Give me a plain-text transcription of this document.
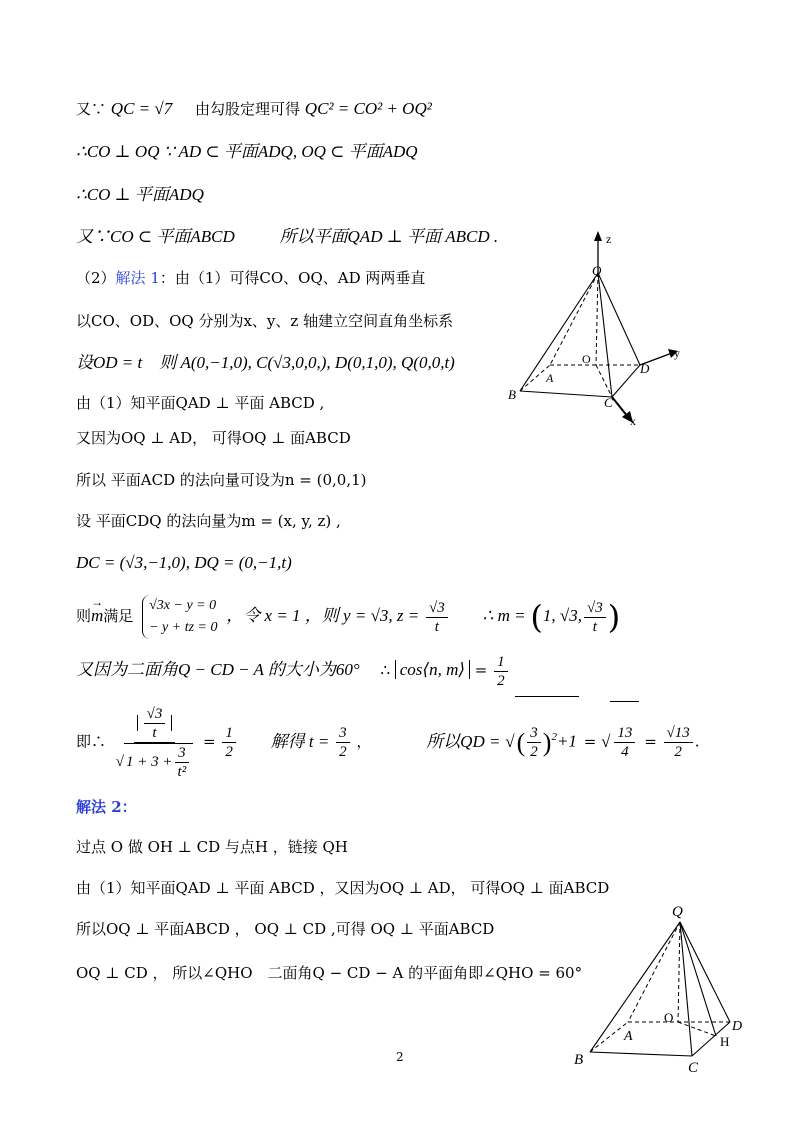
又∵ QC = √7 由勾股定理可得 QC² = CO² + OQ²
∴CO ⊥ OQ ∵ AD ⊂ 平面ADQ, OQ ⊂ 平面ADQ
∴CO ⊥ 平面ADQ
又∵CO ⊂ 平面ABCD	所以平面QAD ⊥ 平面 ABCD .
（2）解法 1：由（1）可得CO、OQ、AD 两两垂直
以CO、OD、OQ 分别为x、y、z 轴建立空间直角坐标系
设OD = t　则 A(0,−1,0), C(√3,0,0,), D(0,1,0), Q(0,0,t)
由（1）知平面QAD ⊥ 平面 ABCD ,
又因为OQ ⊥ AD， 可得OQ ⊥ 面ABCD
所以 平面ACD 的法向量可设为n = (0,0,1)
设 平面CDQ 的法向量为m = (x, y, z) ,
DC = (√3,−1,0), DQ = (0,−1,t)
则→ m满足 √3x − y = 0
− y + tz = 0 ，令 x = 1 ，则 y = √3, $z = \frac{√3}{t}$ ∴ m = (1, √3, $\frac{√3}{t}$ )
又因为二面角Q − CD − A 的大小为60° ∴ cos⟨n, m⟩ = $\frac{1}{2}$
即∴ $\frac{\frac{√3}{t}}{√ 1 + 3 + \frac{3}{\text{t²}}} = \frac{1}{2}$ 解得 $t = \frac{3}{2}$ ，	所以QD = √( $\frac{3}{2} )^2+1$ = √ $\frac{13}{4} = \frac{√13}{2}$ .
解法 2：
过点 O 做 OH ⊥ CD 与点H ，链接 QH
由（1）知平面QAD ⊥ 平面 ABCD ，又因为OQ ⊥ AD， 可得OQ ⊥ 面ABCD
所以OQ ⊥ 平面ABCD ， OQ ⊥ CD ,可得 OQ ⊥ 平面ABCD
OQ ⊥ CD ， 所以∠QHO　二面角Q − CD − A 的平面角即∠QHO = 60°
z
Q
O	y
A
D
B
C
x
Q
O
D
A	H
B	C
2
